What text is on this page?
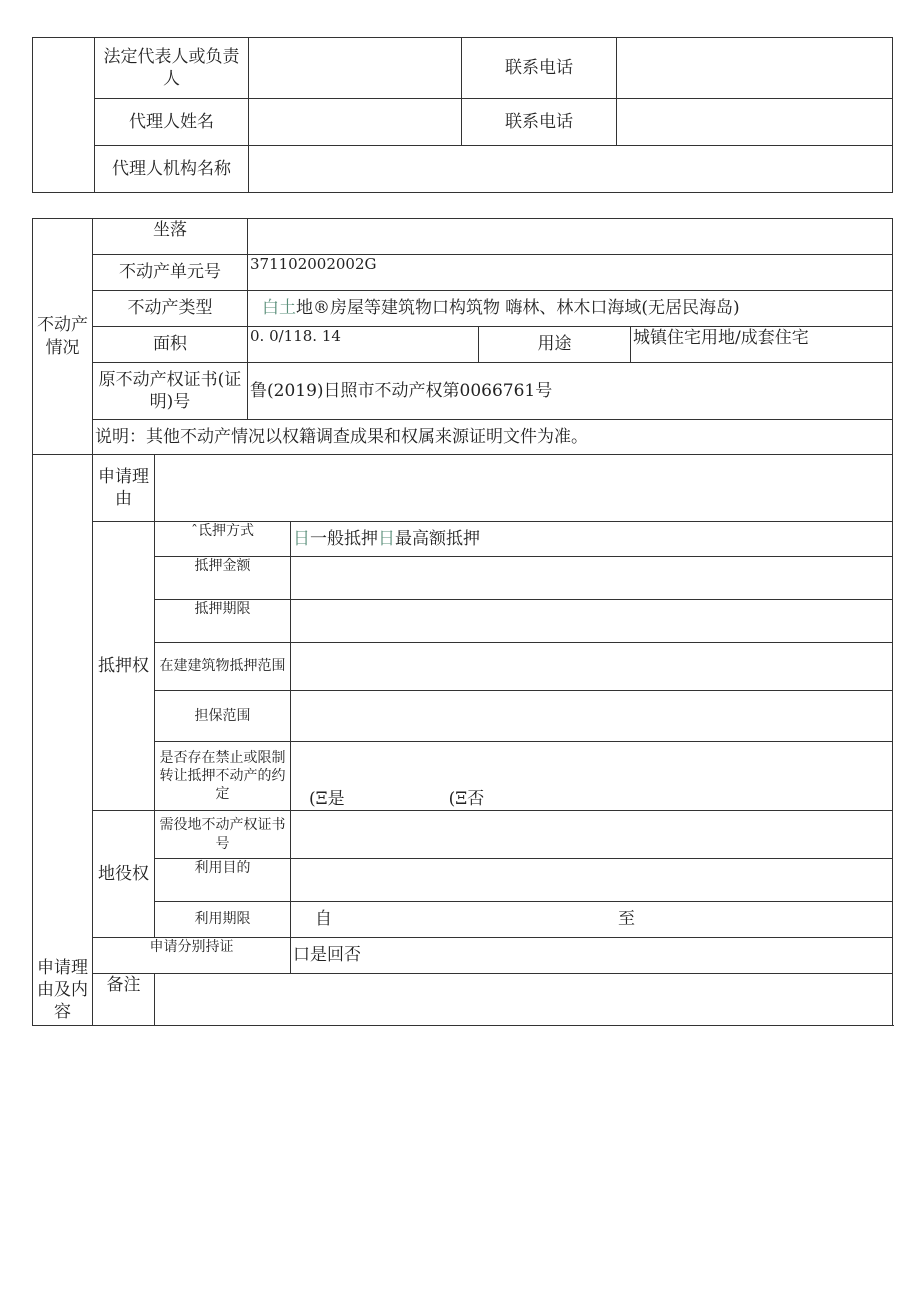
	法定代表人或负责人		联系电话	
	代理人姓名		联系电话	
	代理人机构名称			
不动产情况	坐落					
	不动产单元号		371102002002G			
	不动产类型		白土地®房屋等建筑物口构筑物 嗨林、林木口海域(无居民海岛)			
	面积		0. 0/118. 14		用途	城镇住宅用地/成套住宅
	原不动产权证书(证明)号		鲁(2019)日照市不动产权第0066761号			
	说明：其他不动产情况以权籍调查成果和权属来源证明文件为准。					
申请理由及内容	申请理由					
	抵押权	ˆ氐押方式		日一般抵押日最高额抵押		
		抵押金额				
		抵押期限				
		在建建筑物抵押范围				
		担保范围				
		是否存在禁止或限制转让抵押不动产的约定		(Ξ是 (Ξ否		
	地役权	需役地不动产权证书号				
		利用目的				
		利用期限		自 至		
	申请分别持证			口是回否		
	备注					
